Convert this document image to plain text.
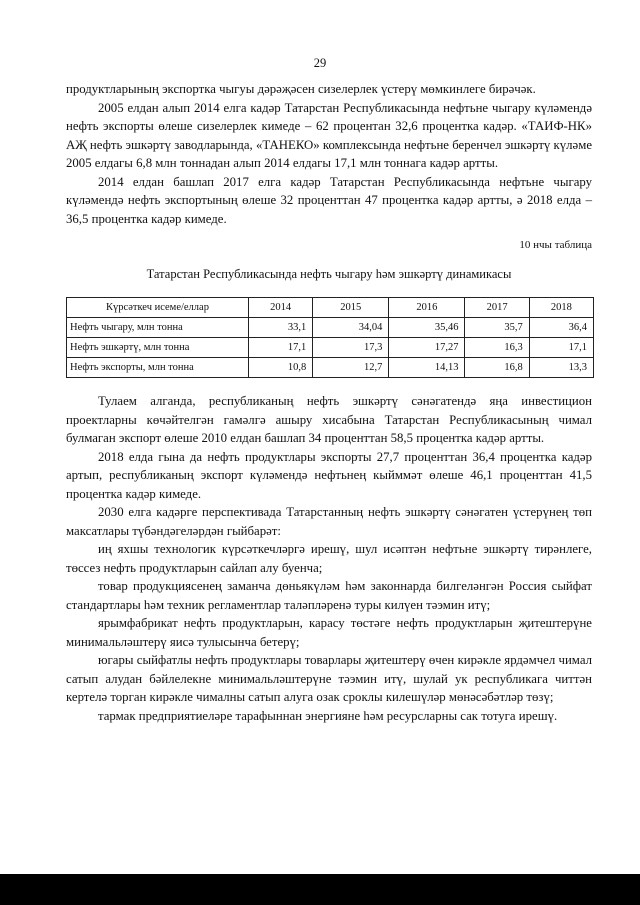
29

продуктларының экспортка чыгуы дәрәҗәсен сизелерлек үстерү мөмкинлеге бирәчәк.

2005 елдан алып 2014 елга кадәр Татарстан Республикасында нефтьне чыгару күләмендә нефть экспорты өлеше сизелерлек кимеде – 62 процентан 32,6 процентка кадәр. «ТАИФ-НК» АҖ нефть эшкәртү заводларында, «ТАНЕКО» комплексында нефтьне беренчел эшкәртү күләме 2005 елдагы 6,8 млн тоннадан алып 2014 елдагы 17,1 млн тоннага кадәр артты.

2014 елдан башлап 2017 елга кадәр Татарстан Республикасында нефтьне чыгару күләмендә нефть экспортының өлеше 32 проценттан 47 процентка кадәр артты, ә 2018 елда – 36,5 процентка кадәр кимеде.

10 нчы таблица
Татарстан Республикасында нефть чыгару һәм эшкәртү динамикасы
Күрсәткеч исеме/еллар	2014	2015	2016	2017	2018
Нефть чыгару, млн тонна	33,1	34,04	35,46	35,7	36,4
Нефть эшкәртү, млн тонна	17,1	17,3	17,27	16,3	17,1
Нефть экспорты, млн тонна	10,8	12,7	14,13	16,8	13,3

Тулаем алганда, республиканың нефть эшкәртү сәнәгатендә яңа инвестицион проектларны көчәйтелгән гамәлгә ашыру хисабына Татарстан Республикасының чимал булмаган экспорт өлеше 2010 елдан башлап 34 проценттан 58,5 процентка кадәр артты.

2018 елда гына да нефть продуктлары экспорты 27,7 проценттан 36,4 процентка кадәр артып, республиканың экспорт күләмендә нефтьнең кыйммәт өлеше 46,1 проценттан 41,5 процентка кадәр кимеде.

2030 елга кадәрге перспективада Татарстанның нефть эшкәртү сәнәгатен үстерүнең төп максатлары түбәндәгеләрдән гыйбарәт:

иң яхшы технологик күрсәткечләргә ирешү, шул исәптән нефтьне эшкәртү тирәнлеге, төссез нефть продуктларын сайлап алу буенча;

товар продукциясенең заманча дөньякүләм һәм законнарда билгеләнгән Россия сыйфат стандартлары һәм техник регламентлар таләпләренә туры килүен тәэмин итү;

ярымфабрикат нефть продуктларын, карасу төстәге нефть продуктларын җитештерүне минимальләштерү яисә тулысынча бетерү;

югары сыйфатлы нефть продуктлары товарлары җитештерү өчен кирәкле ярдәмчел чимал сатып алудан бәйлелекне минимальләштерүне тәэмин итү, шулай ук республикага читтән кертелә торган кирәкле чималны сатып алуга озак сроклы килешүләр мөнәсәбәтләр төзү;

тармак предприятиеләре тарафыннан энергияне һәм ресурсларны сак тотуга ирешү.
